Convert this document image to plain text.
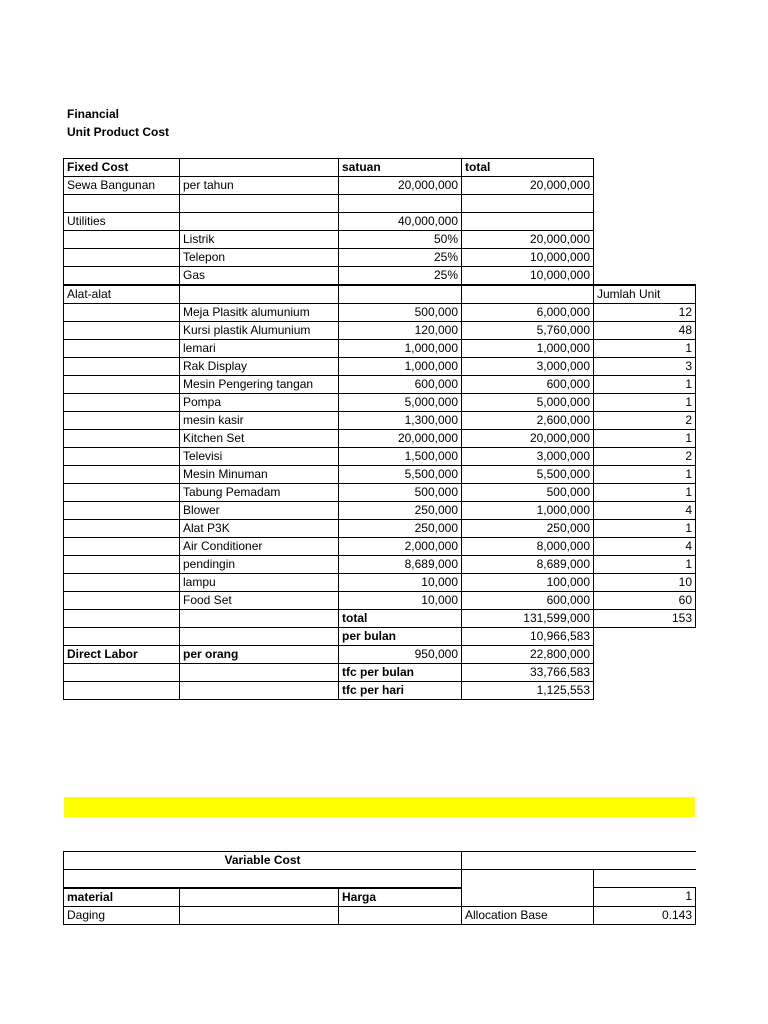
Financial
Unit Product Cost
Fixed Cost		satuan	total	
Sewa Bangunan	per tahun	20,000,000	20,000,000	

Utilities		40,000,000		
	Listrik	50%	20,000,000	
	Telepon	25%	10,000,000	
	Gas	25%	10,000,000	
Alat-alat				Jumlah Unit
	Meja Plasitk alumunium	500,000	6,000,000	12
	Kursi plastik Alumunium	120,000	5,760,000	48
	lemari	1,000,000	1,000,000	1
	Rak Display	1,000,000	3,000,000	3
	Mesin Pengering tangan	600,000	600,000	1
	Pompa	5,000,000	5,000,000	1
	mesin kasir	1,300,000	2,600,000	2
	Kitchen Set	20,000,000	20,000,000	1
	Televisi	1,500,000	3,000,000	2
	Mesin Minuman	5,500,000	5,500,000	1
	Tabung Pemadam	500,000	500,000	1
	Blower	250,000	1,000,000	4
	Alat P3K	250,000	250,000	1
	Air Conditioner	2,000,000	8,000,000	4
	pendingin	8,689,000	8,689,000	1
	lampu	10,000	100,000	10
	Food Set	10,000	600,000	60
		total	131,599,000	153
		per bulan	10,966,583	
Direct Labor	per orang	950,000	22,800,000	
		tfc per bulan	33,766,583	
		tfc per hari	1,125,553	
Variable Cost				

material		Harga		1
Daging			Allocation Base	0.143
